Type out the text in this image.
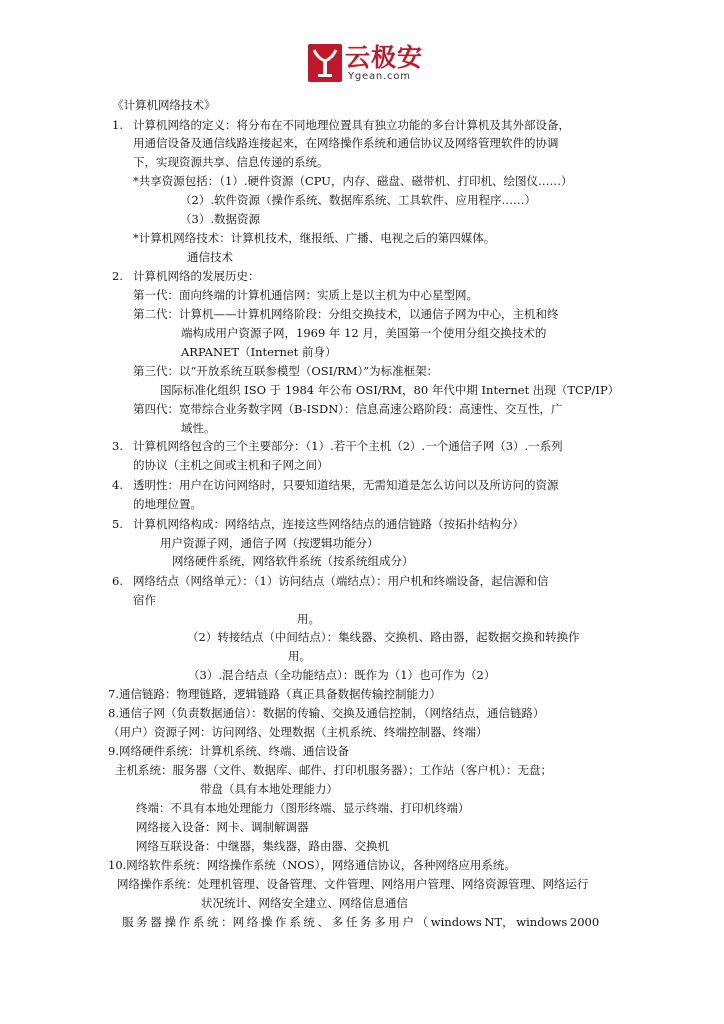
云极安
Ygean.com

《计算机网络技术》

1. 计算机网络的定义：将分布在不同地理位置具有独立功能的多台计算机及其外部设备，

用通信设备及通信线路连接起来，在网络操作系统和通信协议及网络管理软件的协调

下，实现资源共享、信息传递的系统。

*共享资源包括：（1）.硬件资源（CPU，内存、磁盘、磁带机、打印机、绘图仪……）

（2）.软件资源（操作系统、数据库系统、工具软件、应用程序……）

（3）.数据资源

*计算机网络技术：计算机技术，继报纸、广播、电视之后的第四媒体。

通信技术

2. 计算机网络的发展历史：

第一代：面向终端的计算机通信网：实质上是以主机为中心星型网。

第二代：计算机——计算机网络阶段：分组交换技术，以通信子网为中心，主机和终

端构成用户资源子网，1969 年 12 月，美国第一个使用分组交换技术的

ARPANET（Internet 前身）

第三代：以“开放系统互联参模型（OSI/RM）”为标准框架：

国际标准化组织 ISO 于 1984 年公布 OSI/RM，80 年代中期 Internet 出现（TCP/IP）

第四代：宽带综合业务数字网（B-ISDN）：信息高速公路阶段：高速性、交互性，广

域性。

3. 计算机网络包含的三个主要部分：（1）.若干个主机（2）.一个通信子网（3）.一系列

的协议（主机之间或主机和子网之间）

4. 透明性：用户在访问网络时，只要知道结果，无需知道是怎么访问以及所访问的资源

的地理位置。

5. 计算机网络构成：网络结点，连接这些网络结点的通信链路（按拓扑结构分）

用户资源子网，通信子网（按逻辑功能分）

网络硬件系统，网络软件系统（按系统组成分）

6. 网络结点（网络单元）：（1）访问结点（端结点）：用户机和终端设备，起信源和信

宿作

用。

（2）转接结点（中间结点）：集线器、交换机、路由器，起数据交换和转换作

用。

（3）.混合结点（全功能结点）：既作为（1）也可作为（2）

7.通信链路：物理链路，逻辑链路（真正具备数据传输控制能力）

8.通信子网（负责数据通信）：数据的传输、交换及通信控制，（网络结点，通信链路）

（用户）资源子网：访问网络、处理数据（主机系统、终端控制器、终端）

9.网络硬件系统：计算机系统、终端、通信设备

主机系统：服务器（文件、数据库、邮件、打印机服务器）；工作站（客户机）：无盘；

带盘（具有本地处理能力）

终端：不具有本地处理能力（图形终端、显示终端、打印机终端）

网络接入设备：网卡、调制解调器

网络互联设备：中继器，集线器，路由器、交换机

10.网络软件系统：网络操作系统（NOS），网络通信协议，各种网络应用系统。

网络操作系统：处理机管理、设备管理、文件管理、网络用户管理、网络资源管理、网络运行

状况统计、网络安全建立、网络信息通信

服 务 器 操 作 系 统 ：网 络 操 作 系 统 、 多 任 务 多 用 户 （ windows NT， windows 2000
